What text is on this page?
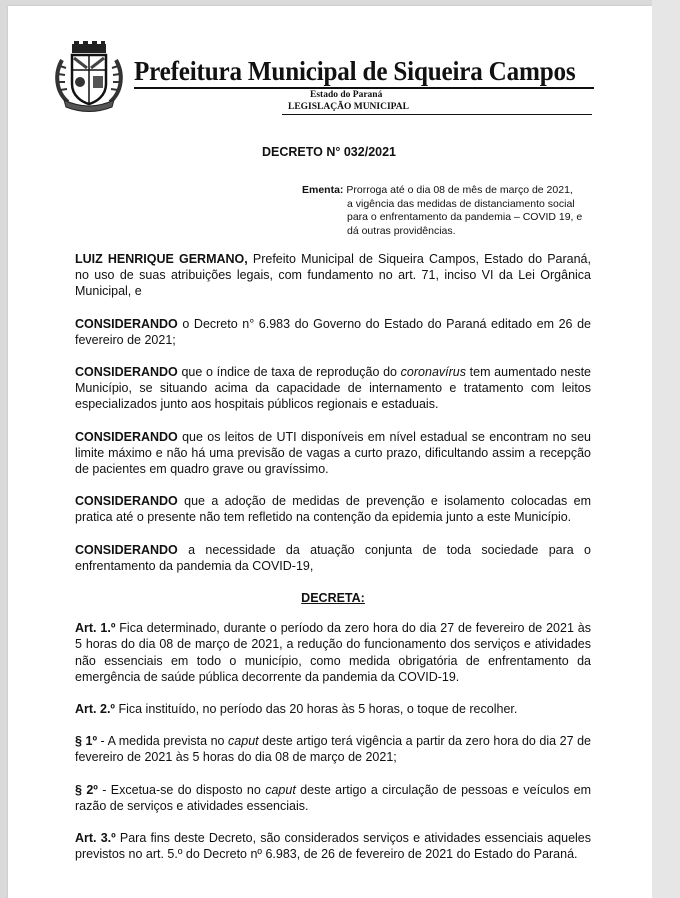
Prefeitura Municipal de Siqueira Campos
Estado do Paraná
LEGISLAÇÃO MUNICIPAL
DECRETO N° 032/2021
Ementa: Prorroga até o dia 08 de mês de março de 2021,
a vigência das medidas de distanciamento social
para o enfrentamento da pandemia – COVID 19, e
dá outras providências.

LUIZ HENRIQUE GERMANO, Prefeito Municipal de Siqueira Campos, Estado do Paraná, no uso de suas atribuições legais, com fundamento no art. 71, inciso VI da Lei Orgânica Municipal, e

CONSIDERANDO o Decreto n° 6.983 do Governo do Estado do Paraná editado em 26 de fevereiro de 2021;

CONSIDERANDO que o índice de taxa de reprodução do coronavírus tem aumentado neste Município, se situando acima da capacidade de internamento e tratamento com leitos especializados junto aos hospitais públicos regionais e estaduais.

CONSIDERANDO que os leitos de UTI disponíveis em nível estadual se encontram no seu limite máximo e não há uma previsão de vagas a curto prazo, dificultando assim a recepção de pacientes em quadro grave ou gravíssimo.

CONSIDERANDO que a adoção de medidas de prevenção e isolamento colocadas em pratica até o presente não tem refletido na contenção da epidemia junto a este Município.

CONSIDERANDO a necessidade da atuação conjunta de toda sociedade para o enfrentamento da pandemia da COVID-19,

DECRETA:

Art. 1.º Fica determinado, durante o período da zero hora do dia 27 de fevereiro de 2021 às 5 horas do dia 08 de março de 2021, a redução do funcionamento dos serviços e atividades não essenciais em todo o município, como medida obrigatória de enfrentamento da emergência de saúde pública decorrente da pandemia da COVID-19.

Art. 2.º Fica instituído, no período das 20 horas às 5 horas, o toque de recolher.

§ 1º - A medida prevista no caput deste artigo terá vigência a partir da zero hora do dia 27 de fevereiro de 2021 às 5 horas do dia 08 de março de 2021;

§ 2º - Excetua-se do disposto no caput deste artigo a circulação de pessoas e veículos em razão de serviços e atividades essenciais.

Art. 3.º Para fins deste Decreto, são considerados serviços e atividades essenciais aqueles previstos no art. 5.º do Decreto nº 6.983, de 26 de fevereiro de 2021 do Estado do Paraná.
